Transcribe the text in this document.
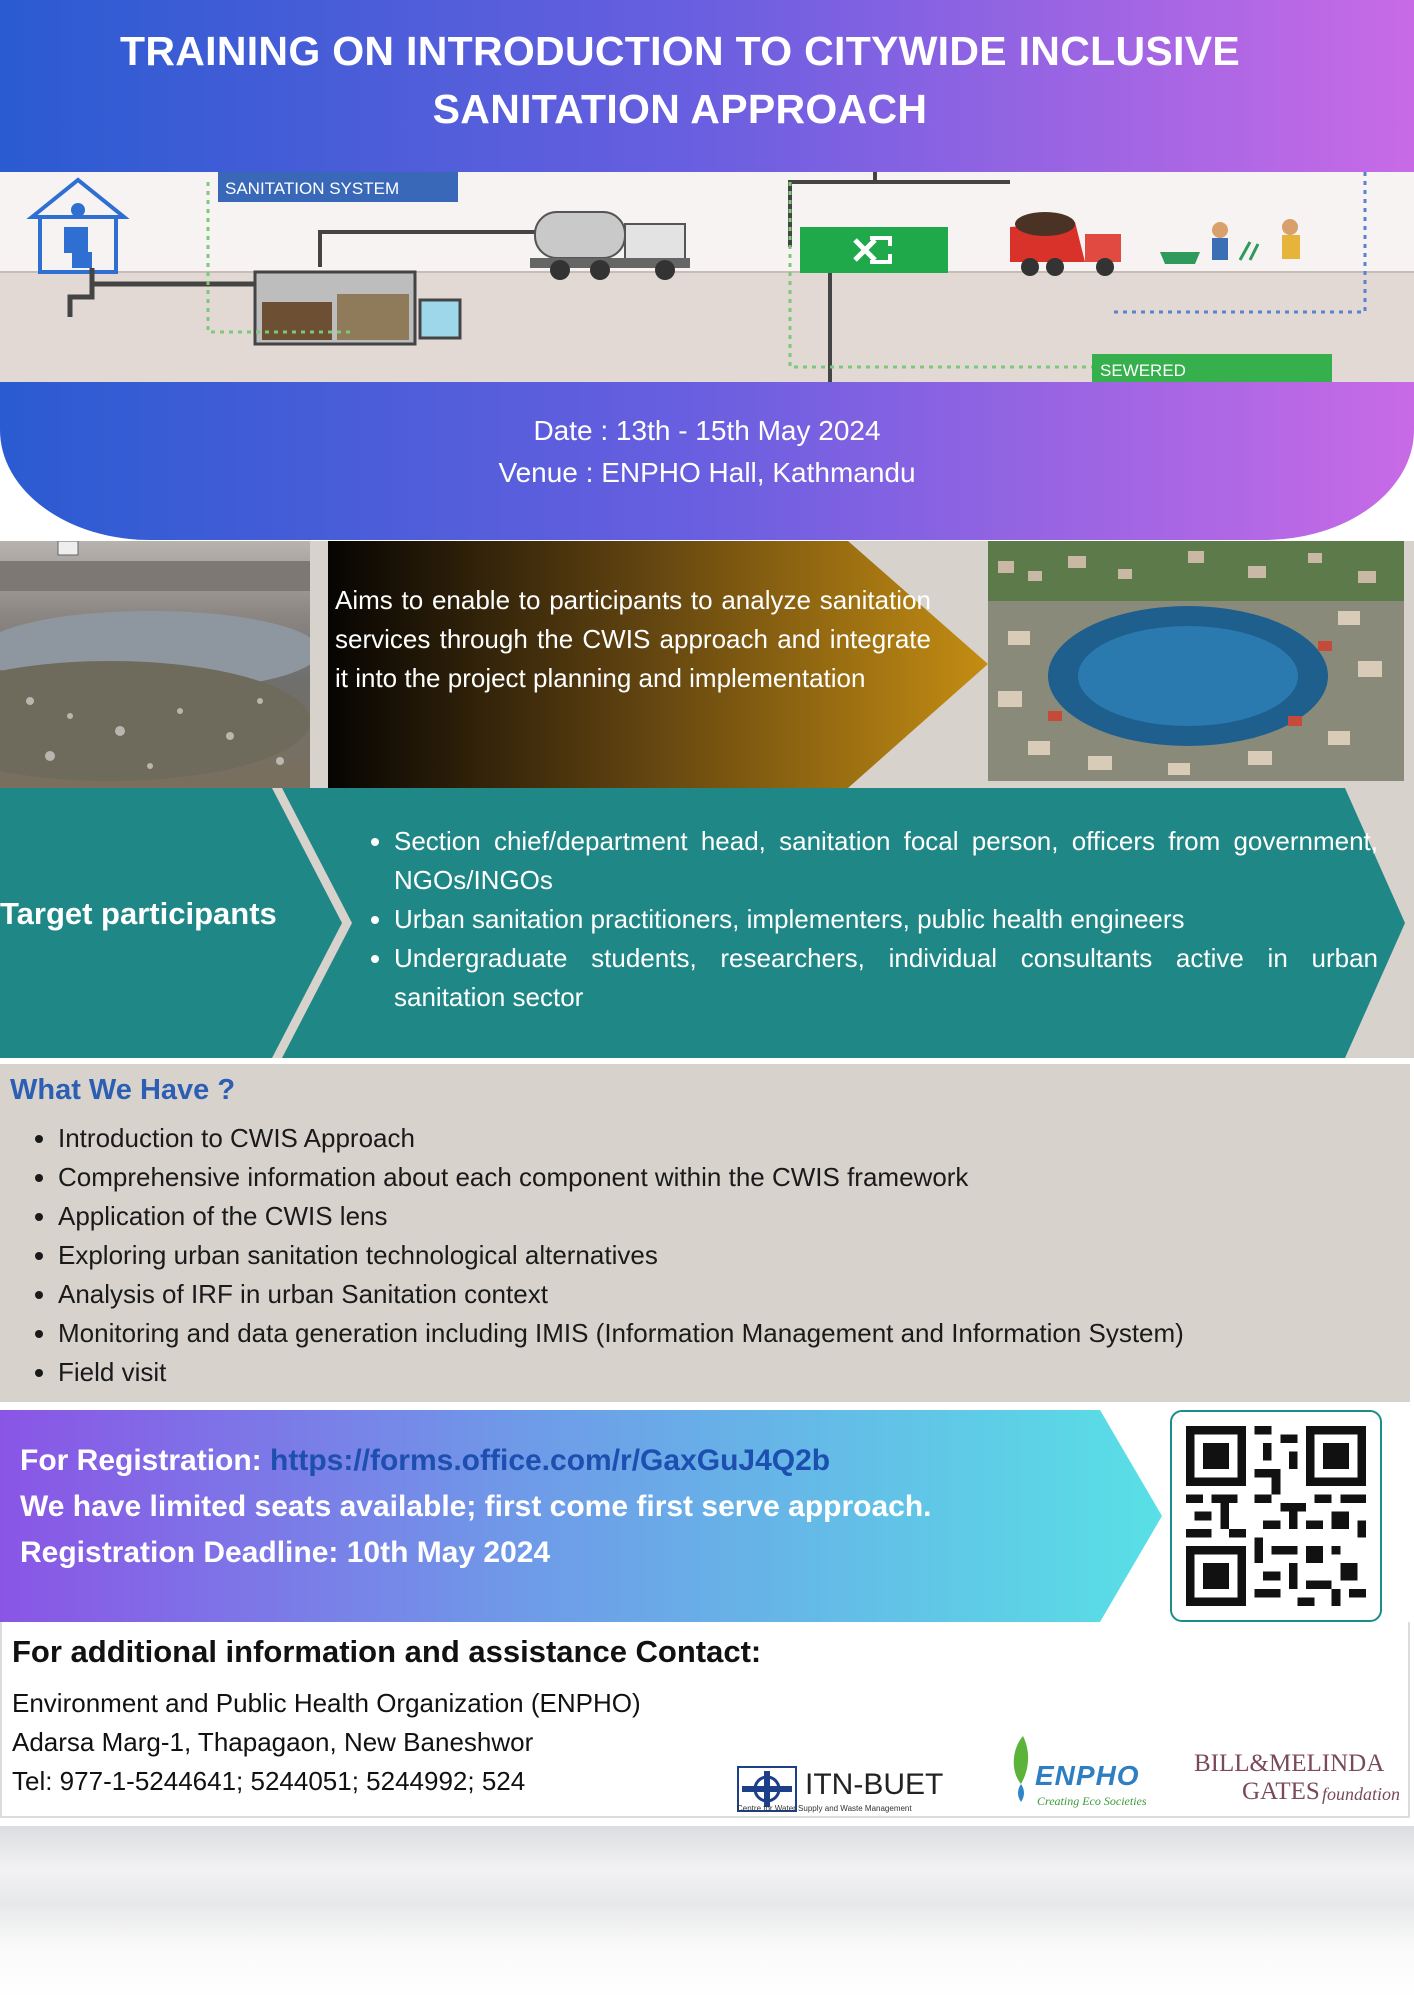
TRAINING ON INTRODUCTION TO CITYWIDE INCLUSIVE SANITATION APPROACH
SANITATION SYSTEM
SEWERED
Date : 13th - 15th May 2024
Venue : ENPHO Hall, Kathmandu
Aims to enable to participants to analyze sanitation services through the CWIS approach and integrate it into the project planning and implementation
Target participants
• Section chief/department head, sanitation focal person, officers from government, NGOs/INGOs
• Urban sanitation practitioners, implementers, public health engineers
• Undergraduate students, researchers, individual consultants active in urban sanitation sector
What We Have ?
• Introduction to CWIS Approach
• Comprehensive information about each component within the CWIS framework
• Application of the CWIS lens
• Exploring urban sanitation technological alternatives
• Analysis of IRF in urban Sanitation context
• Monitoring and data generation including IMIS (Information Management and Information System)
• Field visit
For Registration: https://forms.office.com/r/GaxGuJ4Q2b
We have limited seats available; first come first serve approach.
Registration Deadline: 10th May 2024
For additional information and assistance Contact:
Environment and Public Health Organization (ENPHO)
Adarsa Marg-1, Thapagaon, New Baneshwor
Tel: 977-1-5244641; 5244051; 5244992; 524	ITN-BUET
Centre for Water Supply and Waste Management
ENPHO
Creating Eco Societies
BILL&MELINDA
GATES foundation
